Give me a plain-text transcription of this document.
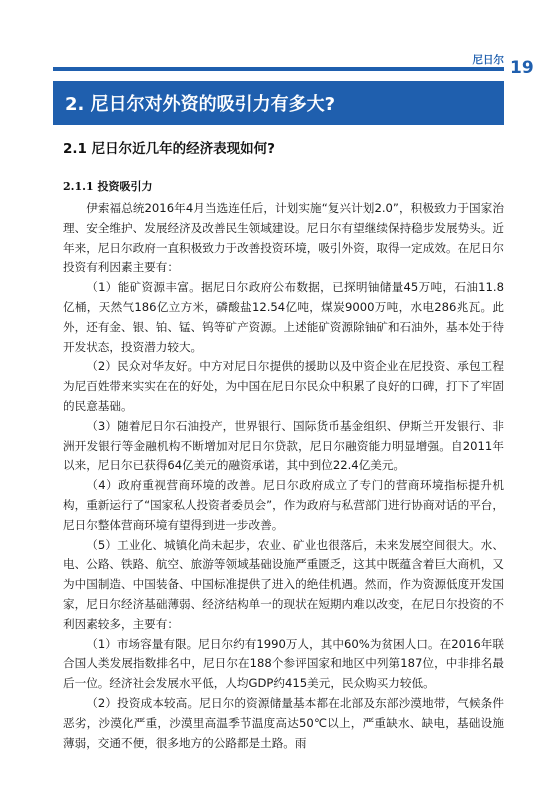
尼日尔 19
2. 尼日尔对外资的吸引力有多大?
2.1 尼日尔近几年的经济表现如何?
2.1.1 投资吸引力

伊索福总统2016年4月当选连任后，计划实施“复兴计划2.0”，积极致力于国家治理、安全维护、发展经济及改善民生领域建设。尼日尔有望继续保持稳步发展势头。近年来，尼日尔政府一直积极致力于改善投资环境，吸引外资，取得一定成效。在尼日尔投资有利因素主要有：

（1）能矿资源丰富。据尼日尔政府公布数据，已探明铀储量45万吨，石油11.8亿桶，天然气186亿立方米，磷酸盐12.54亿吨，煤炭9000万吨，水电286兆瓦。此外，还有金、银、铂、锰、钨等矿产资源。上述能矿资源除铀矿和石油外，基本处于待开发状态，投资潜力较大。

（2）民众对华友好。中方对尼日尔提供的援助以及中资企业在尼投资、承包工程为尼百姓带来实实在在的好处，为中国在尼日尔民众中积累了良好的口碑，打下了牢固的民意基础。

（3）随着尼日尔石油投产，世界银行、国际货币基金组织、伊斯兰开发银行、非洲开发银行等金融机构不断增加对尼日尔贷款，尼日尔融资能力明显增强。自2011年以来，尼日尔已获得64亿美元的融资承诺，其中到位22.4亿美元。

（4）政府重视营商环境的改善。尼日尔政府成立了专门的营商环境指标提升机构，重新运行了“国家私人投资者委员会”，作为政府与私营部门进行协商对话的平台，尼日尔整体营商环境有望得到进一步改善。

（5）工业化、城镇化尚未起步，农业、矿业也很落后，未来发展空间很大。水、电、公路、铁路、航空、旅游等领域基础设施严重匮乏，这其中既蕴含着巨大商机，又为中国制造、中国装备、中国标准提供了进入的绝佳机遇。然而，作为资源低度开发国家，尼日尔经济基础薄弱、经济结构单一的现状在短期内难以改变，在尼日尔投资的不利因素较多，主要有：

（1）市场容量有限。尼日尔约有1990万人，其中60%为贫困人口。在2016年联合国人类发展指数排名中，尼日尔在188个参评国家和地区中列第187位，中非排名最后一位。经济社会发展水平低，人均GDP约415美元，民众购买力较低。

（2）投资成本较高。尼日尔的资源储量基本都在北部及东部沙漠地带，气候条件恶劣，沙漠化严重，沙漠里高温季节温度高达50℃以上，严重缺水、缺电，基础设施薄弱，交通不便，很多地方的公路都是土路。雨
